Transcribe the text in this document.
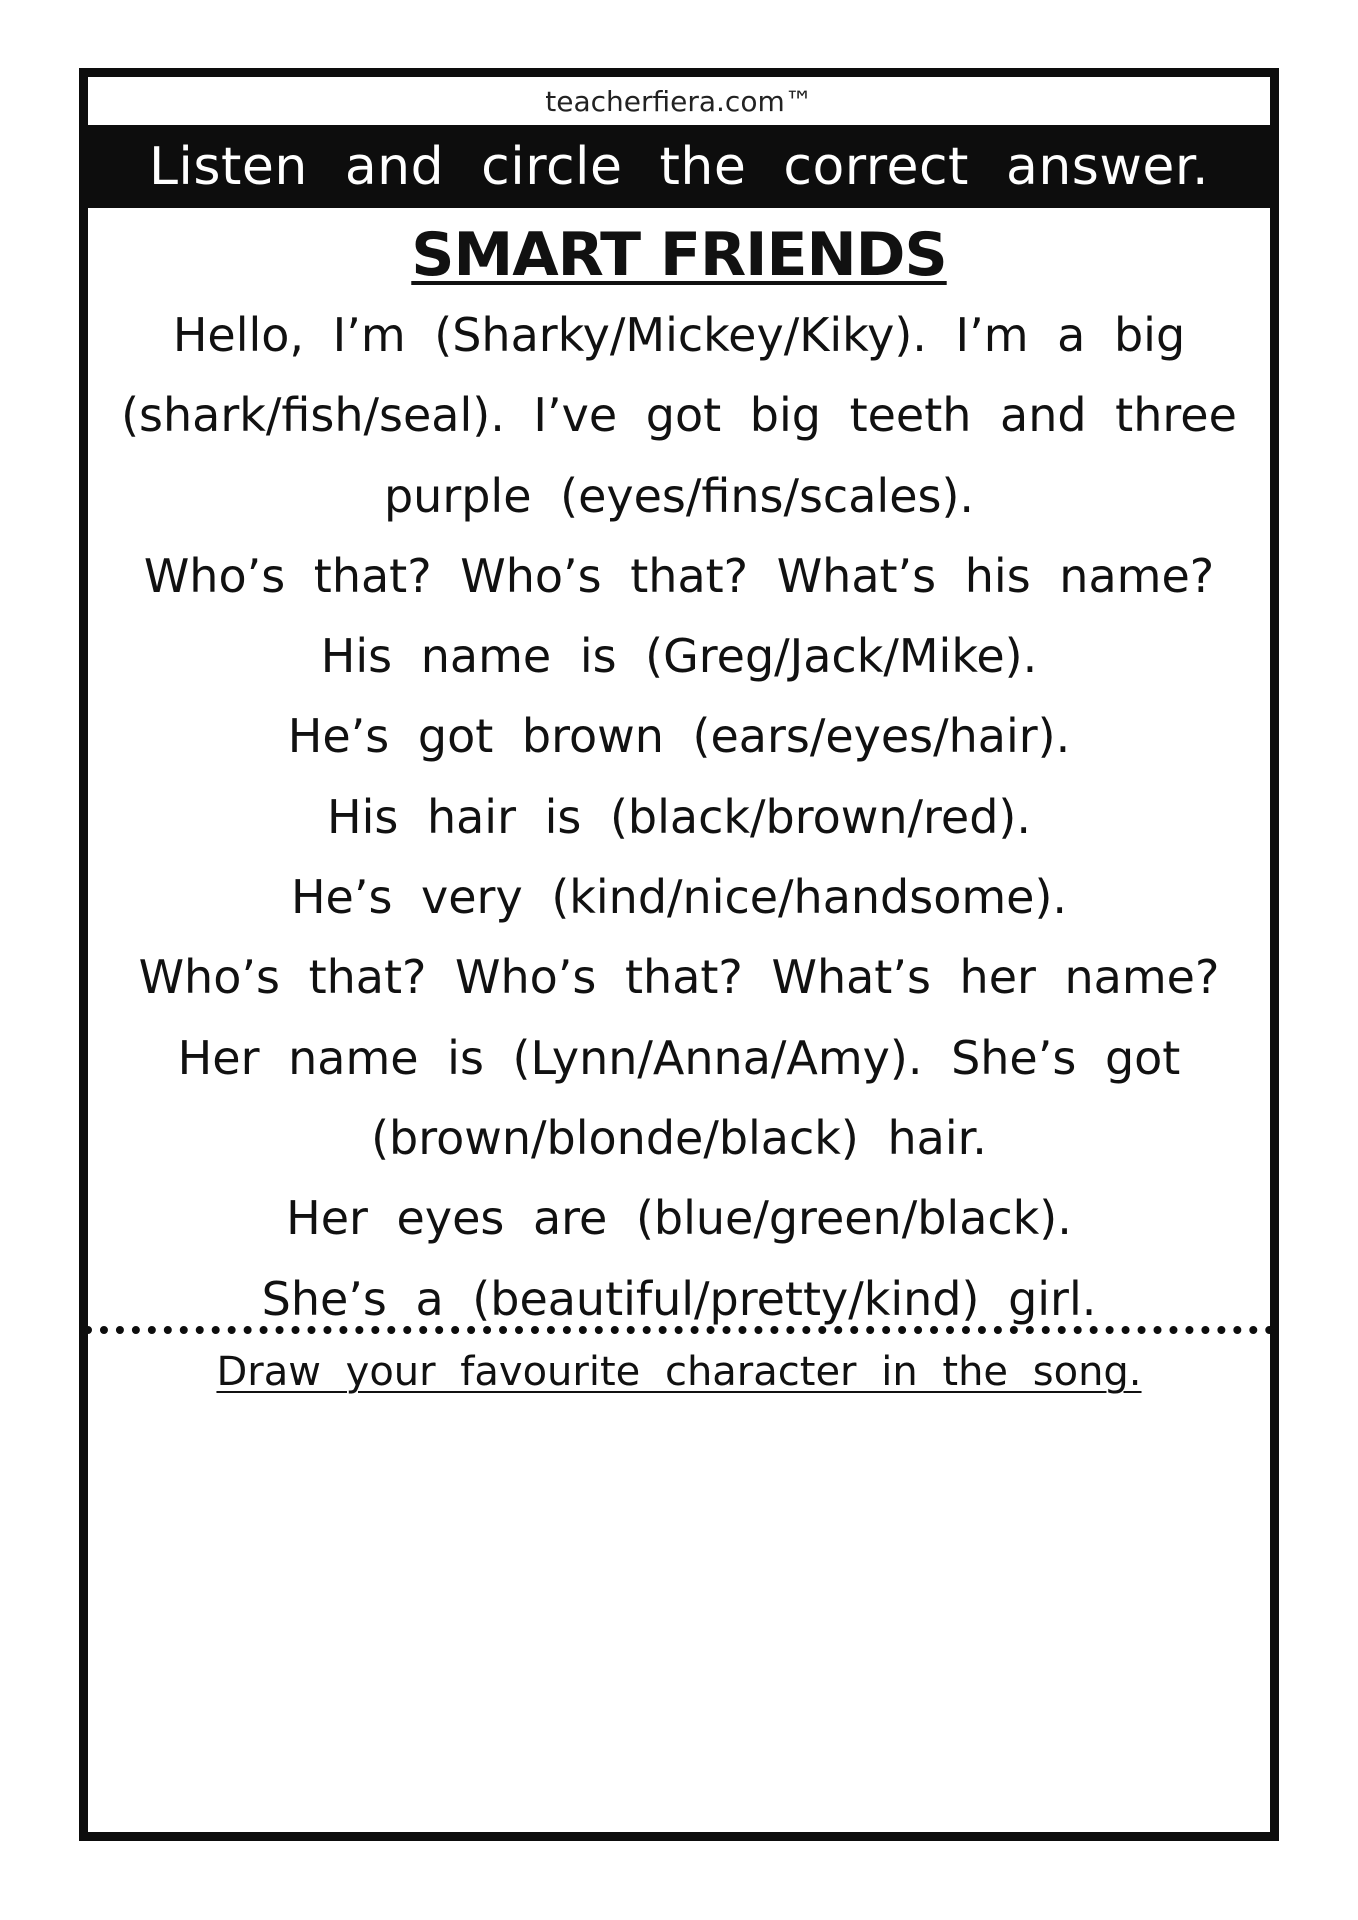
teacherfiera.com™
Listen and circle the correct answer.
SMART FRIENDS
Hello, I’m (Sharky/Mickey/Kiky). I’m a big
(shark/fish/seal). I’ve got big teeth and three
purple (eyes/fins/scales).
Who’s that? Who’s that? What’s his name?
His name is (Greg/Jack/Mike).
He’s got brown (ears/eyes/hair).
His hair is (black/brown/red).
He’s very (kind/nice/handsome).
Who’s that? Who’s that? What’s her name?
Her name is (Lynn/Anna/Amy). She’s got
(brown/blonde/black) hair.
Her eyes are (blue/green/black).
She’s a (beautiful/pretty/kind) girl.
Draw your favourite character in the song.
